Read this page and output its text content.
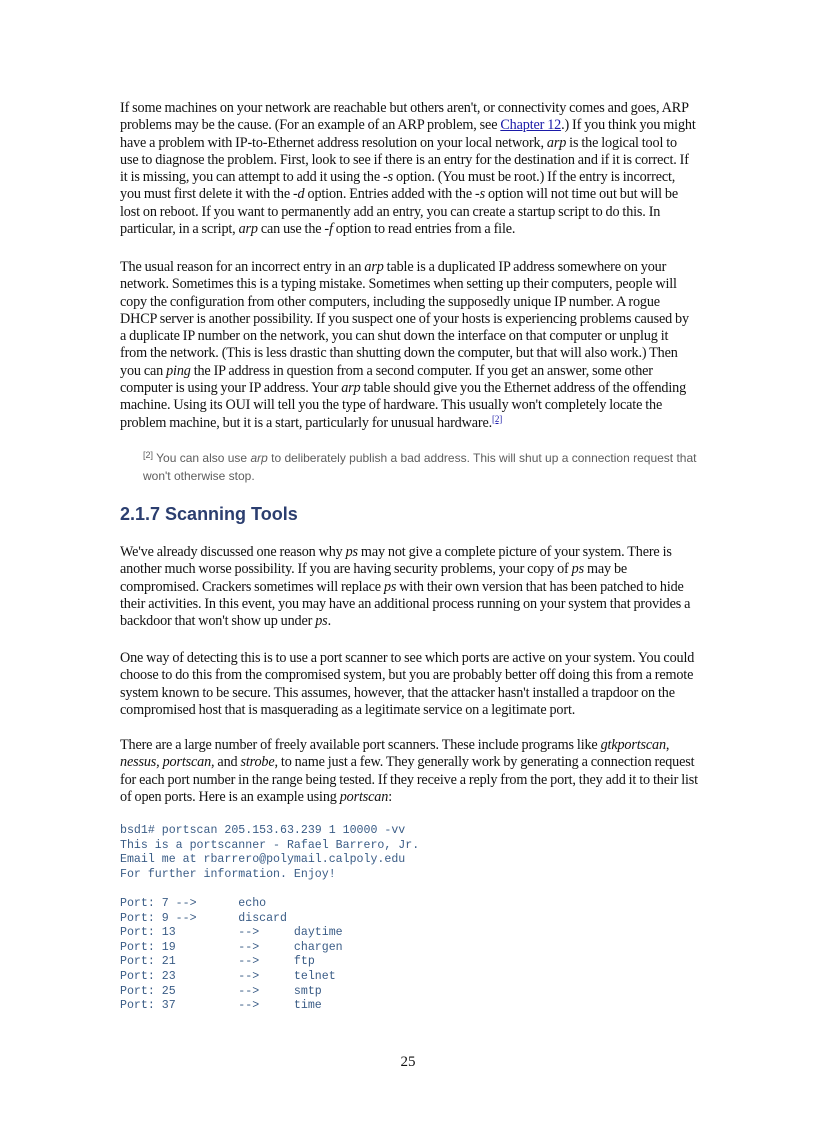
If some machines on your network are reachable but others aren't, or connectivity comes and goes, ARP problems may be the cause. (For an example of an ARP problem, see Chapter 12.) If you think you might have a problem with IP-to-Ethernet address resolution on your local network, arp is the logical tool to use to diagnose the problem. First, look to see if there is an entry for the destination and if it is correct. If it is missing, you can attempt to add it using the -s option. (You must be root.) If the entry is incorrect, you must first delete it with the -d option. Entries added with the -s option will not time out but will be lost on reboot. If you want to permanently add an entry, you can create a startup script to do this. In particular, in a script, arp can use the -f option to read entries from a file.

The usual reason for an incorrect entry in an arp table is a duplicated IP address somewhere on your network. Sometimes this is a typing mistake. Sometimes when setting up their computers, people will copy the configuration from other computers, including the supposedly unique IP number. A rogue DHCP server is another possibility. If you suspect one of your hosts is experiencing problems caused by a duplicate IP number on the network, you can shut down the interface on that computer or unplug it from the network. (This is less drastic than shutting down the computer, but that will also work.) Then you can ping the IP address in question from a second computer. If you get an answer, some other computer is using your IP address. Your arp table should give you the Ethernet address of the offending machine. Using its OUI will tell you the type of hardware. This usually won't completely locate the problem machine, but it is a start, particularly for unusual hardware.[2]

[2] You can also use arp to deliberately publish a bad address. This will shut up a connection request that won't otherwise stop.

2.1.7 Scanning Tools

We've already discussed one reason why ps may not give a complete picture of your system. There is another much worse possibility. If you are having security problems, your copy of ps may be compromised. Crackers sometimes will replace ps with their own version that has been patched to hide their activities. In this event, you may have an additional process running on your system that provides a backdoor that won't show up under ps.

One way of detecting this is to use a port scanner to see which ports are active on your system. You could choose to do this from the compromised system, but you are probably better off doing this from a remote system known to be secure. This assumes, however, that the attacker hasn't installed a trapdoor on the compromised host that is masquerading as a legitimate service on a legitimate port.

There are a large number of freely available port scanners. These include programs like gtkportscan, nessus, portscan, and strobe, to name just a few. They generally work by generating a connection request for each port number in the range being tested. If they receive a reply from the port, they add it to their list of open ports. Here is an example using portscan:

bsd1# portscan 205.153.63.239 1 10000 -vv
This is a portscanner - Rafael Barrero, Jr.
Email me at rbarrero@polymail.calpoly.edu
For further information. Enjoy!

Port: 7 -->      echo
Port: 9 -->      discard
Port: 13         -->     daytime
Port: 19         -->     chargen
Port: 21         -->     ftp
Port: 23         -->     telnet
Port: 25         -->     smtp
Port: 37         -->     time
25
